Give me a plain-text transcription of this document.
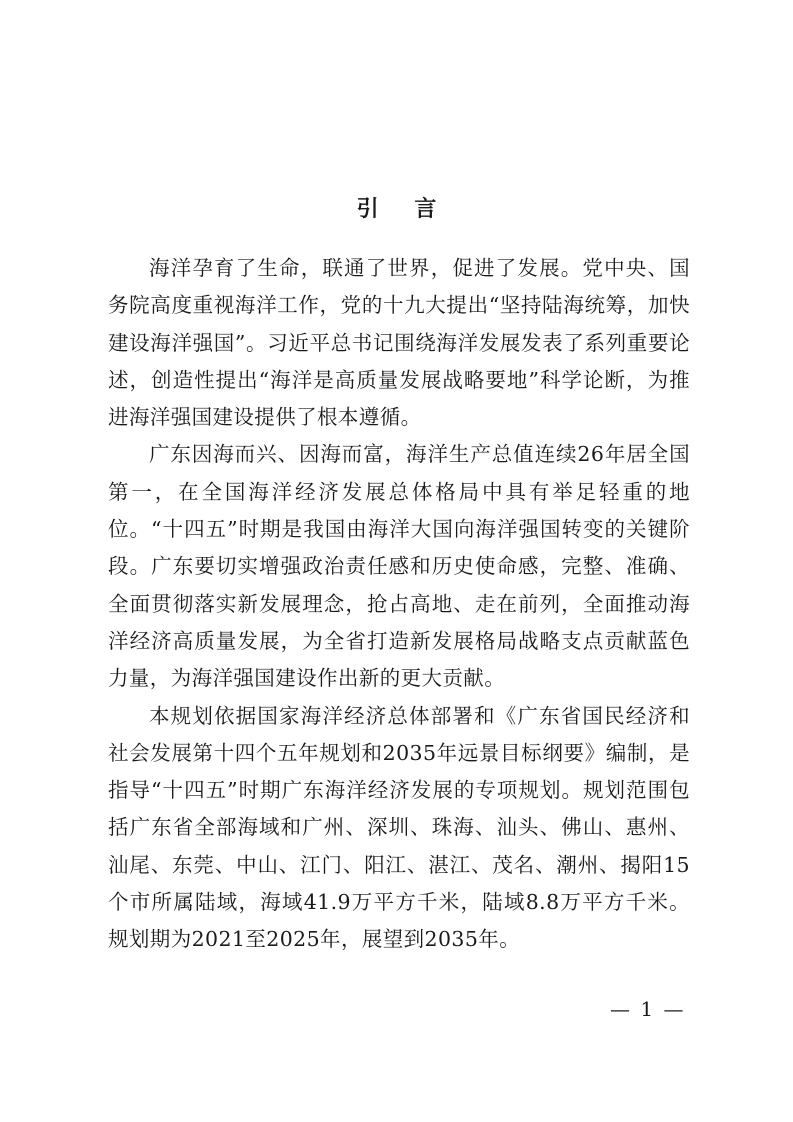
引 言

海洋孕育了生命，联通了世界，促进了发展。党中央、国务院高度重视海洋工作，党的十九大提出“坚持陆海统筹，加快建设海洋强国”。习近平总书记围绕海洋发展发表了系列重要论述，创造性提出“海洋是高质量发展战略要地”科学论断，为推进海洋强国建设提供了根本遵循。

广东因海而兴、因海而富，海洋生产总值连续26年居全国第一，在全国海洋经济发展总体格局中具有举足轻重的地位。“十四五”时期是我国由海洋大国向海洋强国转变的关键阶段。广东要切实增强政治责任感和历史使命感，完整、准确、全面贯彻落实新发展理念，抢占高地、走在前列，全面推动海洋经济高质量发展，为全省打造新发展格局战略支点贡献蓝色力量，为海洋强国建设作出新的更大贡献。

本规划依据国家海洋经济总体部署和《广东省国民经济和社会发展第十四个五年规划和2035年远景目标纲要》编制，是指导“十四五”时期广东海洋经济发展的专项规划。规划范围包括广东省全部海域和广州、深圳、珠海、汕头、佛山、惠州、汕尾、东莞、中山、江门、阳江、湛江、茂名、潮州、揭阳15个市所属陆域，海域41.9万平方千米，陆域8.8万平方千米。规划期为2021至2025年，展望到2035年。

— 1 —
